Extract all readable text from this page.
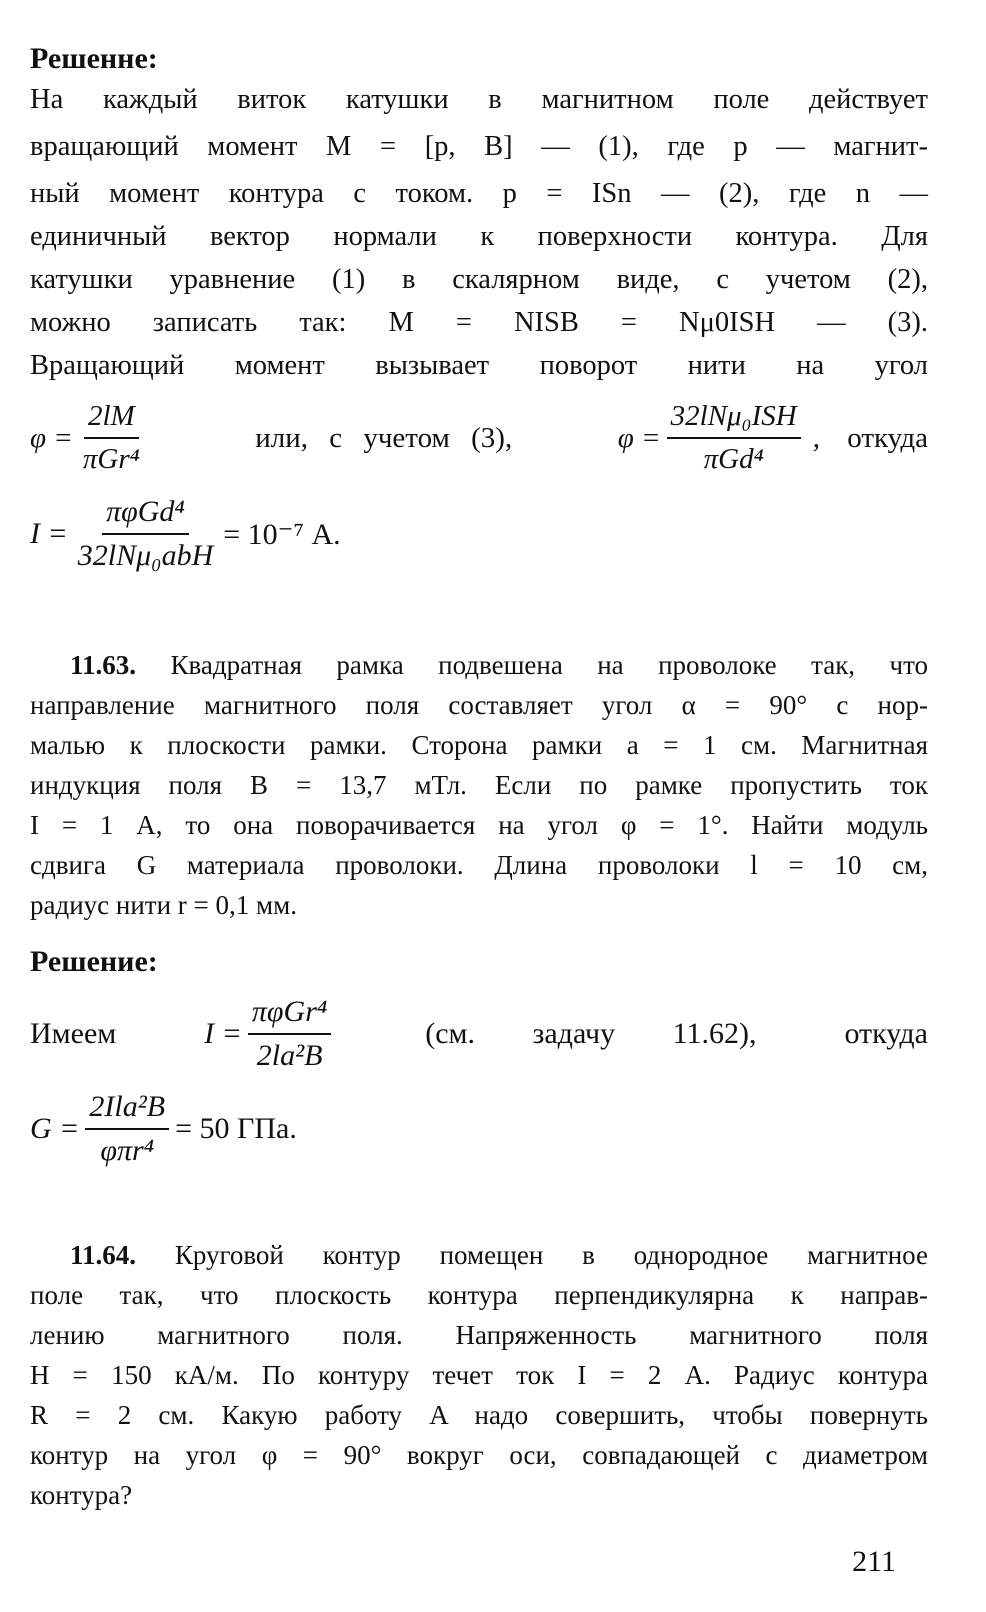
Решенне:
На каждый виток катушки в магнитном поле действует
вращающий момент M = [p, B] — (1), где p — магнит-
ный момент контура с током. p = ISn — (2), где n —
единичный вектор нормали к поверхности контура. Для
катушки уравнение (1) в скалярном виде, с учетом (2),
можно записать так: M = NISB = Nμ0ISH — (3).
Вращающий момент вызывает поворот нити на угол
$\varphi = \frac{2lM}{\text{πGr⁴}}$	или, с учетом (3),	$\varphi = \frac{\text{32lNμ₀ISH}}{\text{πGd⁴}}$ , откуда
$I = \frac{\text{πφGd⁴}}{\text{32lNμ₀abH}} = 10^{-7}$ А.
11.63. Квадратная рамка подвешена на проволоке так, что
направление магнитного поля составляет угол α = 90° с нор-
малью к плоскости рамки. Сторона рамки a = 1 см. Магнитная
индукция поля B = 13,7 мТл. Если по рамке пропустить ток
I = 1 А, то она поворачивается на угол φ = 1°. Найти модуль
сдвига G материала проволоки. Длина проволоки l = 10 см,
радиус нити r = 0,1 мм.
Решение:
Имеем	$I = \frac{\text{πφGr⁴}}{\text{2la²B}}$	(см. задачу 11.62),	откуда
$G = \frac{\text{2Ila²B}}{\text{φπr⁴}} = 50$ ГПа.
11.64. Круговой контур помещен в однородное магнитное
поле так, что плоскость контура перпендикулярна к направ-
лению магнитного поля. Напряженность магнитного поля
H = 150 кА/м. По контуру течет ток I = 2 А. Радиус контура
R = 2 см. Какую работу A надо совершить, чтобы повернуть
контур на угол φ = 90° вокруг оси, совпадающей с диаметром
контура?
211
